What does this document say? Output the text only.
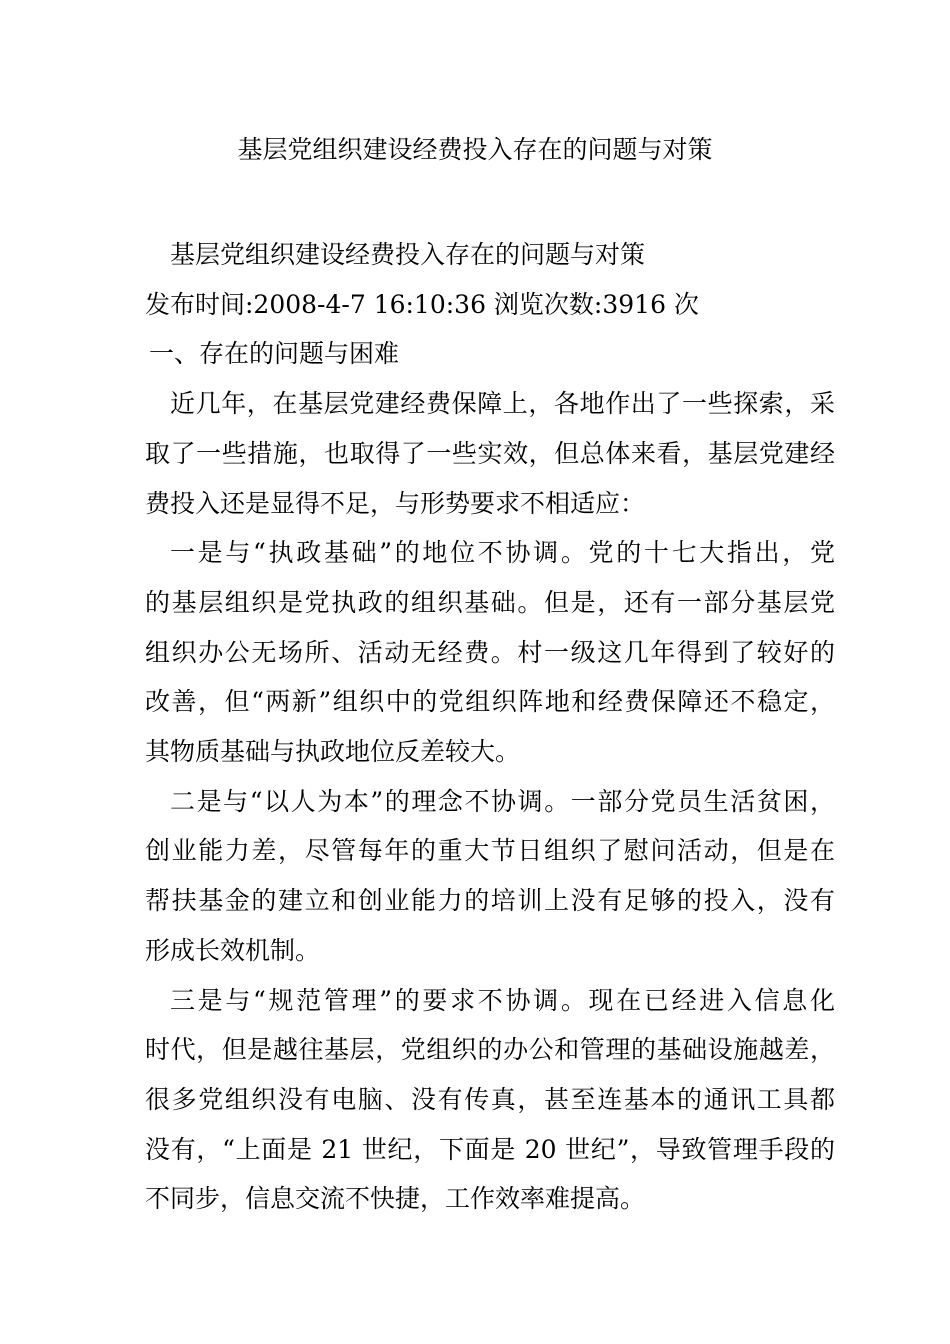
基层党组织建设经费投入存在的问题与对策
基层党组织建设经费投入存在的问题与对策
发布时间:2008-4-7 16:10:36 浏览次数:3916 次
一、存在的问题与困难
近几年，在基层党建经费保障上，各地作出了一些探索，采
取了一些措施，也取得了一些实效，但总体来看，基层党建经
费投入还是显得不足，与形势要求不相适应：
一是与“执政基础”的地位不协调。党的十七大指出，党
的基层组织是党执政的组织基础。但是，还有一部分基层党
组织办公无场所、活动无经费。村一级这几年得到了较好的
改善，但“两新”组织中的党组织阵地和经费保障还不稳定，
其物质基础与执政地位反差较大。
二是与“以人为本”的理念不协调。一部分党员生活贫困，
创业能力差，尽管每年的重大节日组织了慰问活动，但是在
帮扶基金的建立和创业能力的培训上没有足够的投入，没有
形成长效机制。
三是与“规范管理”的要求不协调。现在已经进入信息化
时代，但是越往基层，党组织的办公和管理的基础设施越差，
很多党组织没有电脑、没有传真，甚至连基本的通讯工具都
没有，“上面是 21 世纪，下面是 20 世纪”，导致管理手段的
不同步，信息交流不快捷，工作效率难提高。
